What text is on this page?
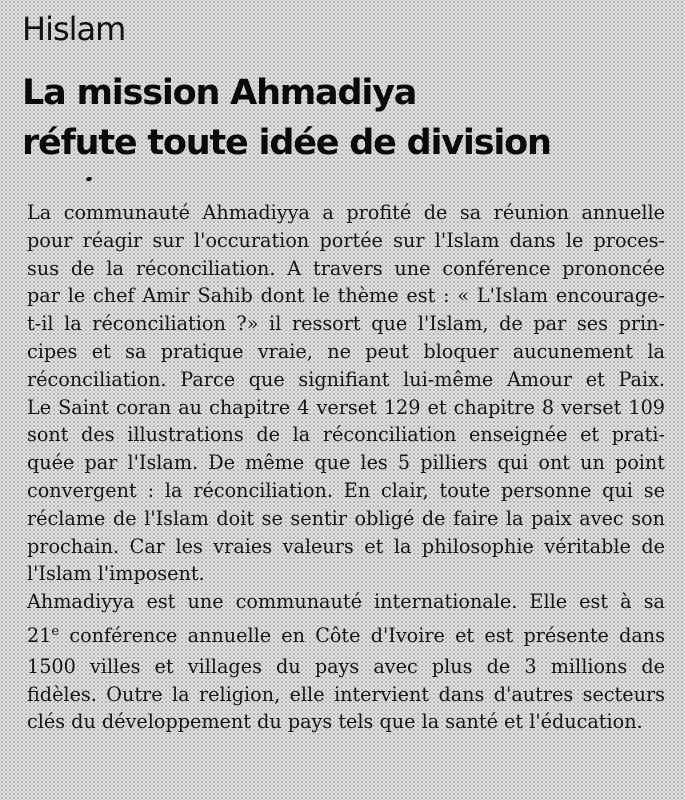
Hislam
La mission Ahmadiya
réfute toute idée de division
La communauté Ahmadiyya a profité de sa réunion annuelle
pour réagir sur l'occuration portée sur l'Islam dans le proces-
sus de la réconciliation. A travers une conférence prononcée
par le chef Amir Sahib dont le thème est : « L'Islam encourage-
t-il la réconciliation ?» il ressort que l'Islam, de par ses prin-
cipes et sa pratique vraie, ne peut bloquer aucunement la
réconciliation. Parce que signifiant lui-même Amour et Paix.
Le Saint coran au chapitre 4 verset 129 et chapitre 8 verset 109
sont des illustrations de la réconciliation enseignée et prati-
quée par l'Islam. De même que les 5 pilliers qui ont un point
convergent : la réconciliation. En clair, toute personne qui se
réclame de l'Islam doit se sentir obligé de faire la paix avec son
prochain. Car les vraies valeurs et la philosophie véritable de
l'Islam l'imposent.
Ahmadiyya est une communauté internationale. Elle est à sa
21e conférence annuelle en Côte d'Ivoire et est présente dans
1500 villes et villages du pays avec plus de 3 millions de
fidèles. Outre la religion, elle intervient dans d'autres secteurs
clés du développement du pays tels que la santé et l'éducation.
